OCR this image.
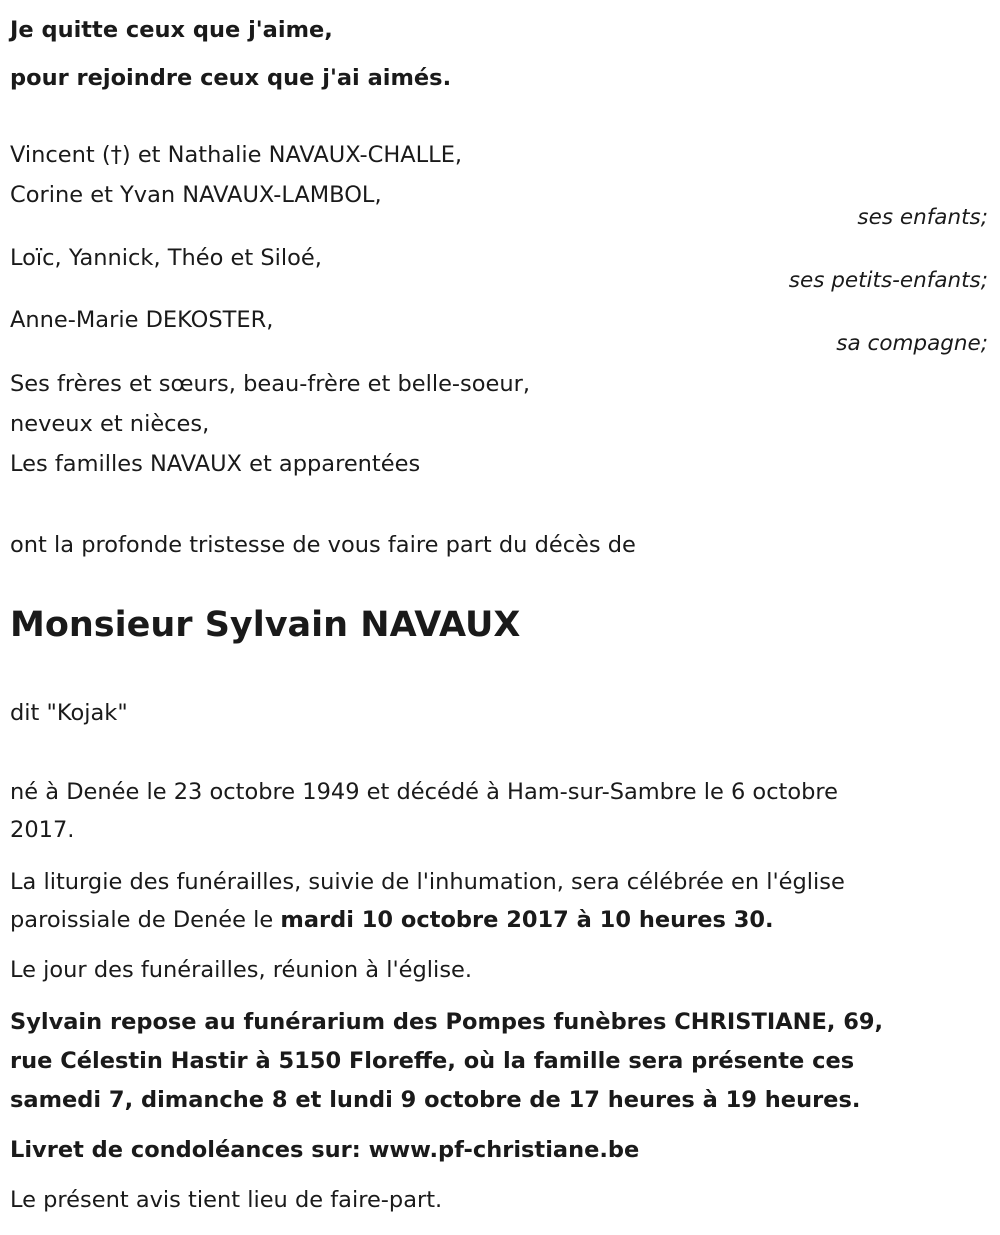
Je quitte ceux que j'aime,
pour rejoindre ceux que j'ai aimés.
Vincent (†) et Nathalie NAVAUX-CHALLE,
Corine et Yvan NAVAUX-LAMBOL,
ses enfants;
Loïc, Yannick, Théo et Siloé,
ses petits-enfants;
Anne-Marie DEKOSTER,
sa compagne;
Ses frères et sœurs, beau-frère et belle-soeur,
neveux et nièces,
Les familles NAVAUX et apparentées
ont la profonde tristesse de vous faire part du décès de
Monsieur Sylvain NAVAUX
dit "Kojak"
né à Denée le 23 octobre 1949 et décédé à Ham-sur-Sambre le 6 octobre
2017.
La liturgie des funérailles, suivie de l'inhumation, sera célébrée en l'église
paroissiale de Denée le mardi 10 octobre 2017 à 10 heures 30.
Le jour des funérailles, réunion à l'église.
Sylvain repose au funérarium des Pompes funèbres CHRISTIANE, 69,
rue Célestin Hastir à 5150 Floreffe, où la famille sera présente ces
samedi 7, dimanche 8 et lundi 9 octobre de 17 heures à 19 heures.
Livret de condoléances sur: www.pf-christiane.be
Le présent avis tient lieu de faire-part.
